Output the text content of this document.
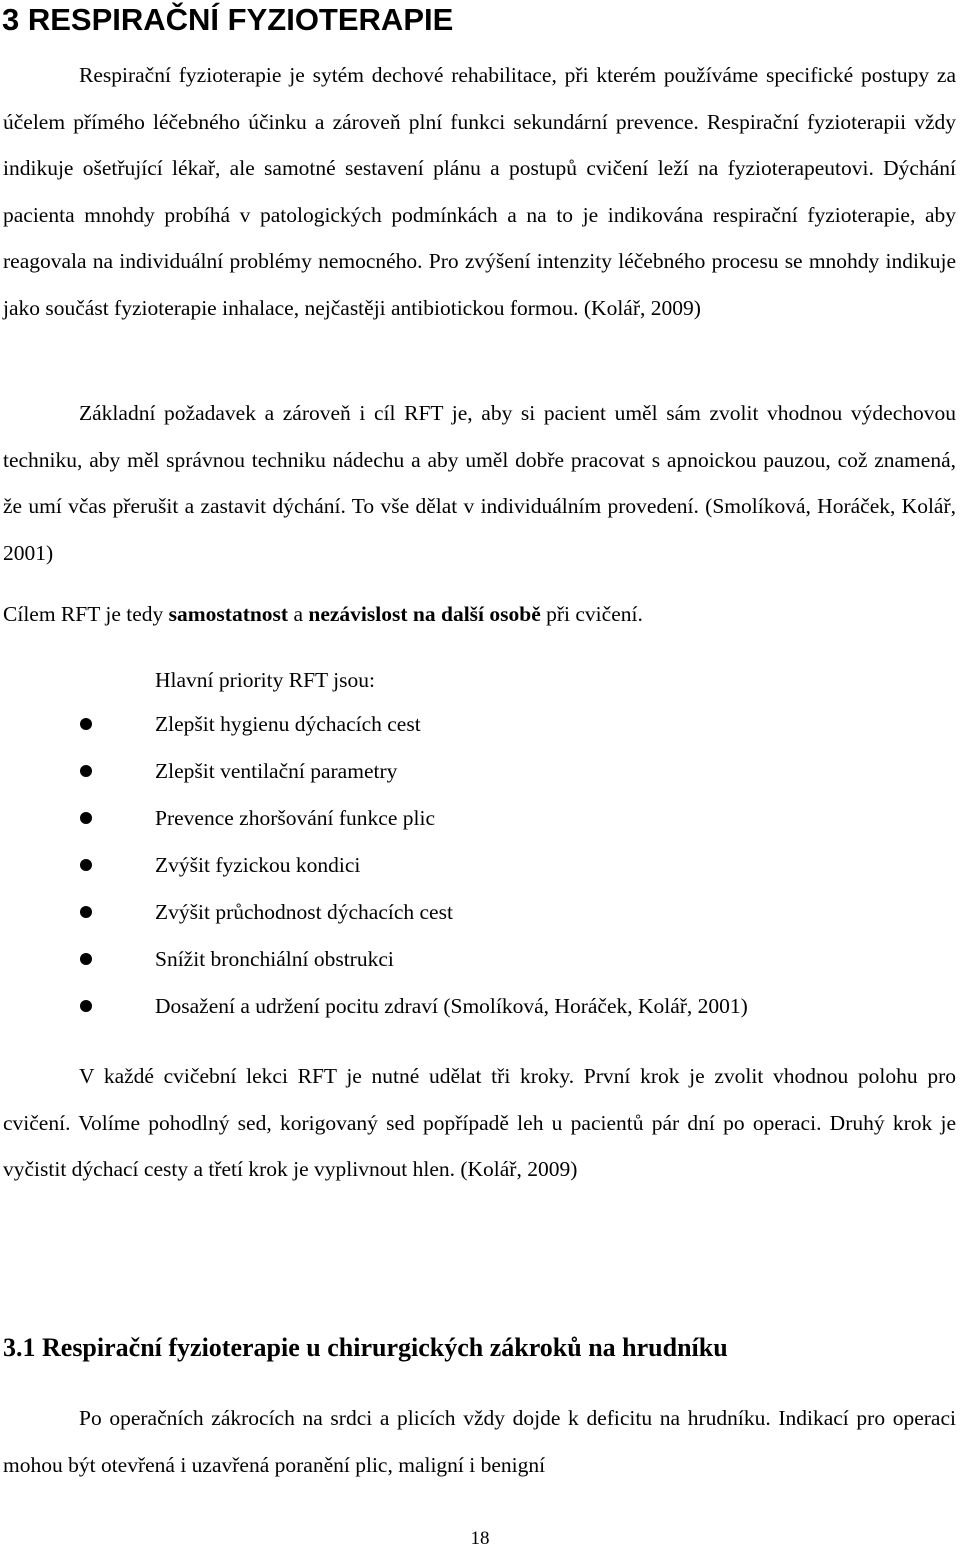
3 RESPIRAČNÍ FYZIOTERAPIE

Respirační fyzioterapie je sytém dechové rehabilitace, při kterém používáme specifické postupy za účelem přímého léčebného účinku a zároveň plní funkci sekundární prevence. Respirační fyzioterapii vždy indikuje ošetřující lékař, ale samotné sestavení plánu a postupů cvičení leží na fyzioterapeutovi. Dýchání pacienta mnohdy probíhá v patologických podmínkách a na to je indikována respirační fyzioterapie, aby reagovala na individuální problémy nemocného. Pro zvýšení intenzity léčebného procesu se mnohdy indikuje jako součást fyzioterapie inhalace, nejčastěji antibiotickou formou. (Kolář, 2009)

Základní požadavek a zároveň i cíl RFT je, aby si pacient uměl sám zvolit vhodnou výdechovou techniku, aby měl správnou techniku nádechu a aby uměl dobře pracovat s apnoickou pauzou, což znamená, že umí včas přerušit a zastavit dýchání. To vše dělat v individuálním provedení. (Smolíková, Horáček, Kolář, 2001)

Cílem RFT je tedy samostatnost a nezávislost na další osobě při cvičení.

Hlavní priority RFT jsou:

Zlepšit hygienu dýchacích cest
Zlepšit ventilační parametry
Prevence zhoršování funkce plic
Zvýšit fyzickou kondici
Zvýšit průchodnost dýchacích cest
Snížit bronchiální obstrukci
Dosažení a udržení pocitu zdraví (Smolíková, Horáček, Kolář, 2001)

V každé cvičební lekci RFT je nutné udělat tři kroky. První krok je zvolit vhodnou polohu pro cvičení. Volíme pohodlný sed, korigovaný sed popřípadě leh u pacientů pár dní po operaci. Druhý krok je vyčistit dýchací cesty a třetí krok je vyplivnout hlen. (Kolář, 2009)

3.1 Respirační fyzioterapie u chirurgických zákroků na hrudníku

Po operačních zákrocích na srdci a plicích vždy dojde k deficitu na hrudníku. Indikací pro operaci mohou být otevřená i uzavřená poranění plic, maligní i benigní

18
